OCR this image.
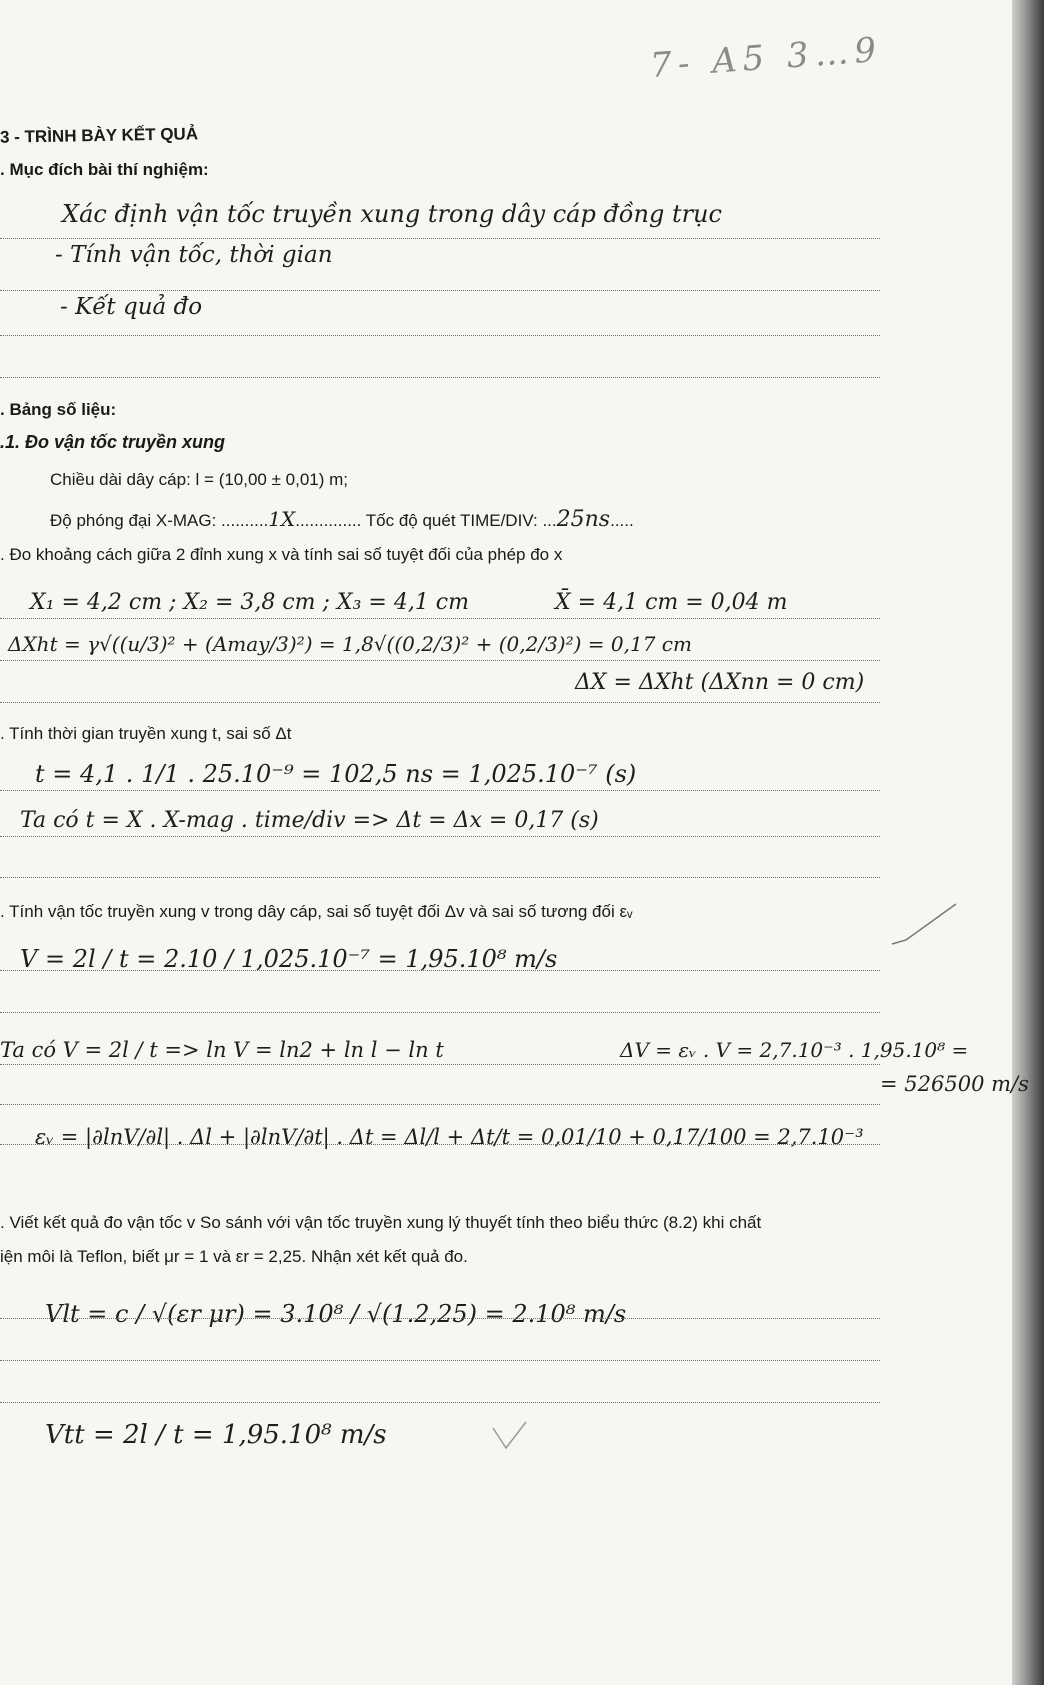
7- A5 3…9
3 - TRÌNH BÀY KẾT QUẢ
. Mục đích bài thí nghiệm:
Xác định vận tốc truyền xung trong dây cáp đồng trục
- Tính vận tốc, thời gian
- Kết quả đo
. Bảng số liệu:
.1. Đo vận tốc truyền xung
Chiều dài dây cáp: l = (10,00 ± 0,01) m;
Độ phóng đại X-MAG: ..........1X.............. Tốc độ quét TIME/DIV: ...25ns.....
. Đo khoảng cách giữa 2 đỉnh xung x và tính sai số tuyệt đối của phép đo x
X₁ = 4,2 cm ; X₂ = 3,8 cm ; X₃ = 4,1 cm	X̄ = 4,1 cm = 0,04 m
ΔXht = γ√((u/3)² + (Amay/3)²) = 1,8√((0,2/3)² + (0,2/3)²) = 0,17 cm
ΔX = ΔXht (ΔXnn = 0 cm)
. Tính thời gian truyền xung t, sai số Δt
t = 4,1 . 1/1 . 25.10⁻⁹ = 102,5 ns = 1,025.10⁻⁷ (s)
Ta có t = X . X-mag . time/div => Δt = Δx = 0,17 (s)
. Tính vận tốc truyền xung v trong dây cáp, sai số tuyệt đối Δv và sai số tương đối εᵥ
V = 2l / t = 2.10 / 1,025.10⁻⁷ = 1,95.10⁸ m/s
Ta có V = 2l / t => ln V = ln2 + ln l − ln t	ΔV = εᵥ . V = 2,7.10⁻³ . 1,95.10⁸ =
= 526500 m/s
εᵥ = |∂lnV/∂l| . Δl + |∂lnV/∂t| . Δt = Δl/l + Δt/t = 0,01/10 + 0,17/100 = 2,7.10⁻³
. Viết kết quả đo vận tốc v So sánh với vận tốc truyền xung lý thuyết tính theo biểu thức (8.2) khi chất
iện môi là Teflon, biết μr = 1 và εr = 2,25. Nhận xét kết quả đo.
Vlt = c / √(εr μr) = 3.10⁸ / √(1.2,25) = 2.10⁸ m/s
Vtt = 2l / t = 1,95.10⁸ m/s
